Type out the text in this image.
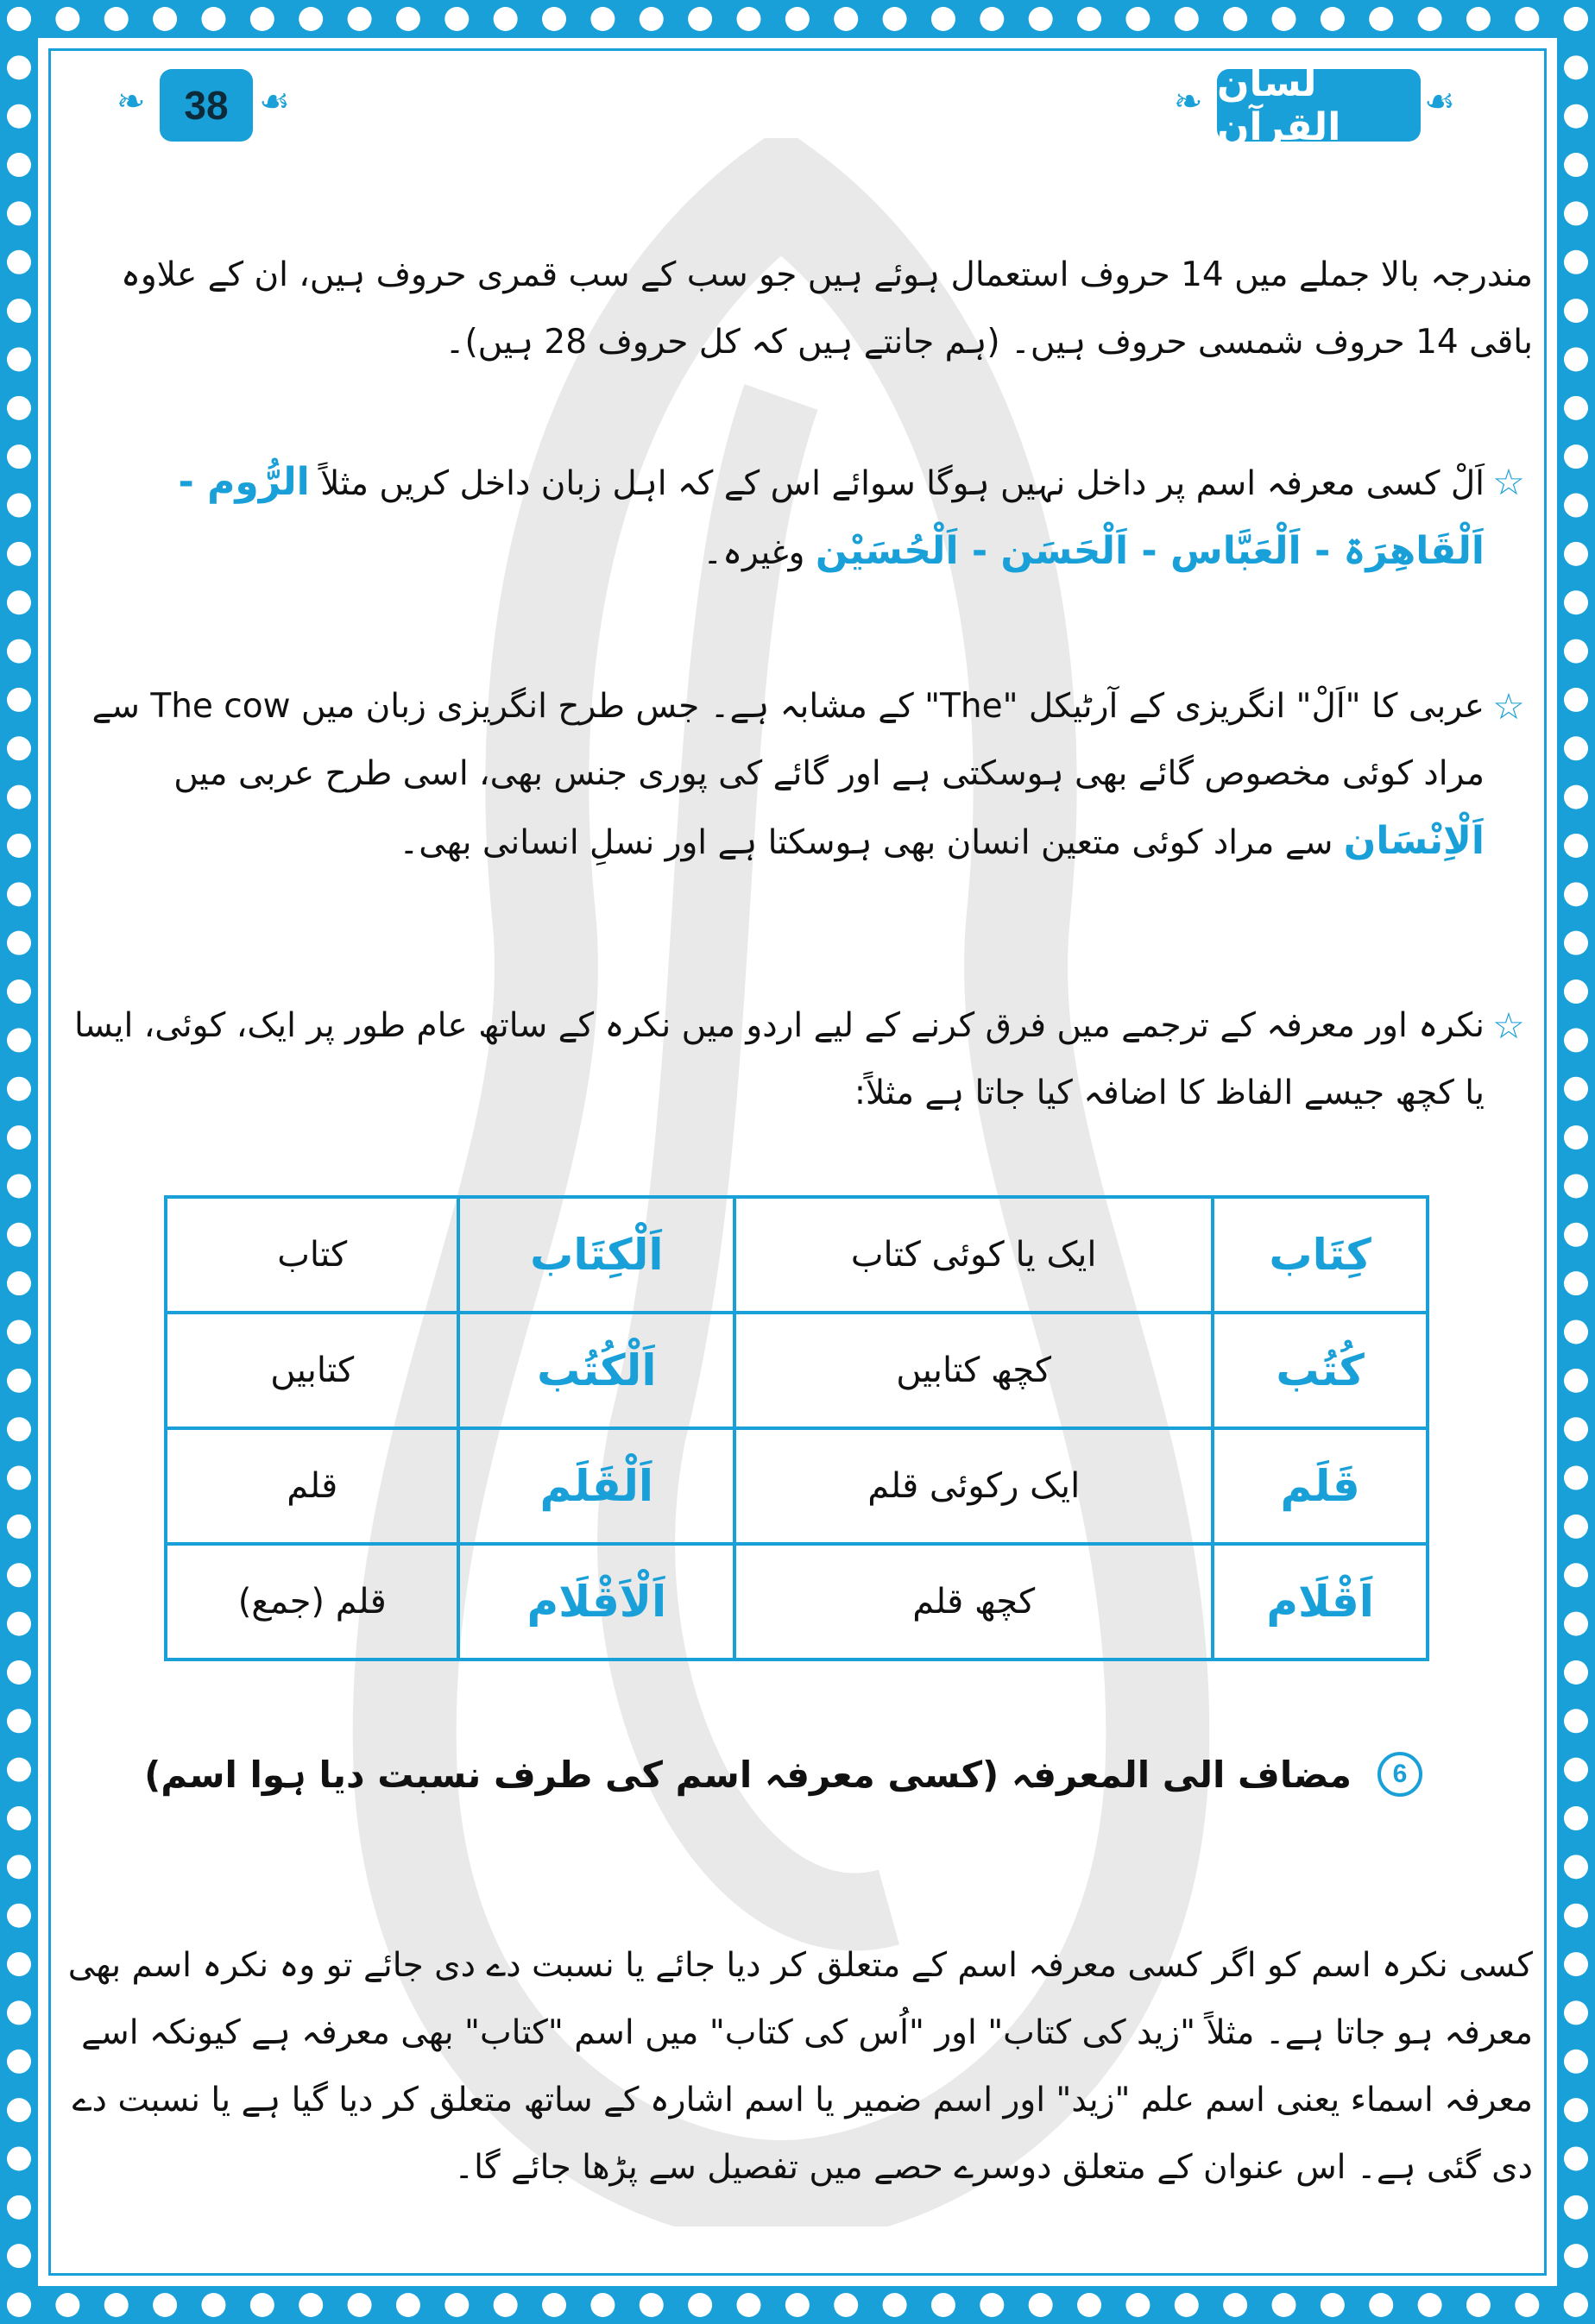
❧	☙
38	❧	☙
لسان القرآن

مندرجہ بالا جملے میں 14 حروف استعمال ہوئے ہیں جو سب کے سب قمری حروف ہیں، ان کے علاوہ باقی 14 حروف شمسی حروف ہیں۔ (ہم جانتے ہیں کہ کل حروف 28 ہیں)۔

☆

اَلْ کسی معرفہ اسم پر داخل نہیں ہوگا سوائے اس کے کہ اہل زبان داخل کریں مثلاً الرُّوم - اَلْقَاھِرَۃ - اَلْعَبَّاس - اَلْحَسَن - اَلْحُسَیْن وغیرہ۔

☆

عربی کا "اَلْ" انگریزی کے آرٹیکل "The" کے مشابہ ہے۔ جس طرح انگریزی زبان میں The cow سے مراد کوئی مخصوص گائے بھی ہوسکتی ہے اور گائے کی پوری جنس بھی، اسی طرح عربی میں اَلْاِنْسَان سے مراد کوئی متعین انسان بھی ہوسکتا ہے اور نسلِ انسانی بھی۔

☆

نکرہ اور معرفہ کے ترجمے میں فرق کرنے کے لیے اردو میں نکرہ کے ساتھ عام طور پر ایک، کوئی، ایسا یا کچھ جیسے الفاظ کا اضافہ کیا جاتا ہے مثلاً:

کِتَاب	ایک یا کوئی کتاب	اَلْکِتَاب	کتاب
کُتُب	کچھ کتابیں	اَلْکُتُب	کتابیں
قَلَم	ایک رکوئی قلم	اَلْقَلَم	قلم
اَقْلَام	کچھ قلم	اَلْاَقْلَام	قلم (جمع)
6
مضاف الی المعرفہ (کسی معرفہ اسم کی طرف نسبت دیا ہوا اسم)

کسی نکرہ اسم کو اگر کسی معرفہ اسم کے متعلق کر دیا جائے یا نسبت دے دی جائے تو وہ نکرہ اسم بھی معرفہ ہو جاتا ہے۔ مثلاً "زید کی کتاب" اور "اُس کی کتاب" میں اسم "کتاب" بھی معرفہ ہے کیونکہ اسے معرفہ اسماء یعنی اسم علم "زید" اور اسم ضمیر یا اسم اشارہ کے ساتھ متعلق کر دیا گیا ہے یا نسبت دے دی گئی ہے۔ اس عنوان کے متعلق دوسرے حصے میں تفصیل سے پڑھا جائے گا۔
